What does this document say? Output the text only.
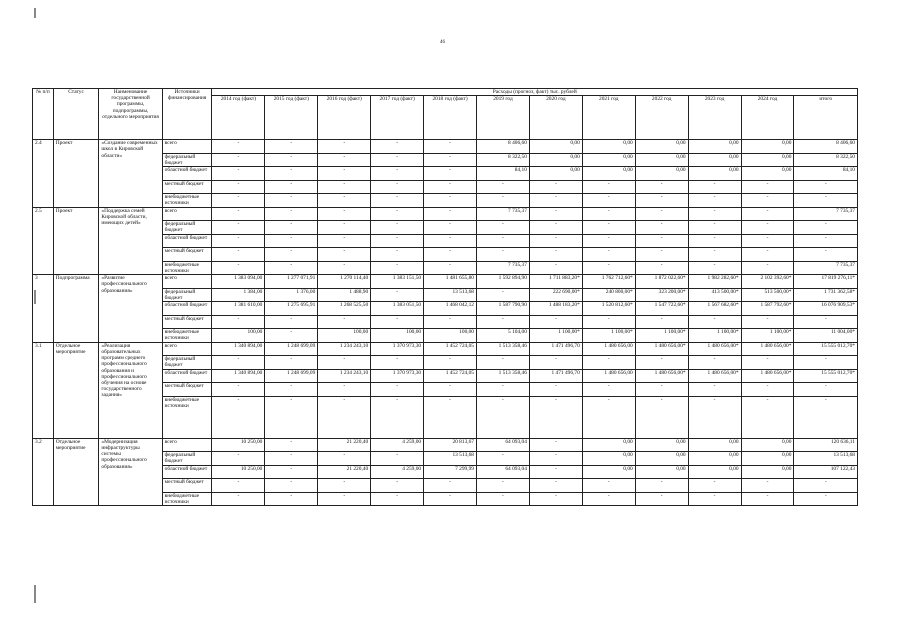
46
№ п/п	Статус	Наименование государственной программы, подпрограммы, отдельного мероприятия	Источники финансирования	Расходы (прогноз, факт) тыс. рублей											
				2014 год (факт)	2015 год (факт)	2016 год (факт)	2017 год (факт)	2018 год (факт)	2019 год	2020 год	2021 год	2022 год	2023 год	2024 год	итого
2.4	Проект	«Создание современных школ в Кировской области»	всего	-	-	-	-	-	8 406,60	0,00	0,00	0,00	0,00	0,00	8 406,60
			федеральный бюджет	-	-	-	-	-	8 322,50	0,00	0,00	0,00	0,00	0,00	8 322,50
			областной бюджет	-	-	-	-	-	84,10	0,00	0,00	0,00	0,00	0,00	84,10
			местный бюджет	-	-	-	-	-	-	-	-	-	-	-	-
			внебюджетные источники	-	-	-	-	-	-	-	-	-	-	-	-
2.5	Проект	«Поддержка семей Кировской области, имеющих детей»	всего	-	-	-	-	-	7 735,37	-	-	-	-	-	7 735,37
			федеральный бюджет	-	-	-	-	-	-	-	-	-	-	-	-
			областной бюджет	-	-	-	-	-	-	-	-	-	-	-	-
			местный бюджет	-	-	-	-	-	-	-	-	-	-	-	-
			внебюджетные источники	-	-	-	-	-	7 735,37	-	-	-	-	-	7 735,37
3	Подпрограмма	«Развитие профессионального образования»	всего	1 383 094,00	1 277 071,91	1 270 114,40	1 383 151,50	1 481 655,80	1 592 894,90	1 711 883,20*	1 762 712,60*	1 872 022,60*	1 982 282,60*	2 102 392,60*	17 819 276,11*
			федеральный бюджет	1 384,00	1 376,00	1 488,90	-	13 513,68	-	222 690,00*	240 800,00*	323 200,00*	413 500,00*	513 500,00*	1 731 362,58*
			областной бюджет	1 381 610,00	1 275 695,91	1 268 525,50	1 383 051,50	1 468 042,12	1 587 790,90	1 488 183,20*	1 520 812,60*	1 547 722,60*	1 567 682,60*	1 587 792,60*	16 076 909,53*
			местный бюджет	-	-	-	-	-	-	-	-	-	-	-	-
			внебюджетные источники	100,00	-	100,00	100,00	100,00	5 104,00	1 100,00*	1 100,00*	1 100,00*	1 100,00*	1 100,00*	11 004,00*
3.1	Отдельное мероприятие	«Реализация образовательных программ среднего профессионального образования и профессионального обучения на основе государственного задания»	всего	1 340 894,00	1 248 699,09	1 234 243,10	1 370 973,30	1 452 724,05	1 513 358,46	1 471 496,70	1 480 656,00	1 480 656,00*	1 480 656,00*	1 480 656,00*	15 555 012,70*
			федеральный бюджет	-	-	-	-	-	-	-	-	-	-	-	-
			областной бюджет	1 340 894,00	1 248 699,09	1 234 243,10	1 370 973,30	1 452 724,05	1 513 358,46	1 471 496,70	1 480 656,00	1 480 656,00*	1 480 656,00*	1 480 656,00*	15 555 012,70*
			местный бюджет	-	-	-	-	-	-	-	-	-	-	-	-
			внебюджетные источники	-	-	-	-	-	-	-	-	-	-	-	-
3.2	Отдельное мероприятие	«Модернизация инфраструктуры системы профессионального образования»	всего	10 250,00	-	21 220,40	4 259,00	20 813,67	64 093,04	-	0,00	0,00	0,00	0,00	120 636,11
			федеральный бюджет	-	-	-	-	13 513,68	-	-	0,00	0,00	0,00	0,00	13 513,68
			областной бюджет	10 250,00	-	21 220,40	4 259,00	7 299,99	64 093,04	-	0,00	0,00	0,00	0,00	107 122,43
			местный бюджет	-	-	-	-	-	-	-	-	-	-	-	-
			внебюджетные источники	-	-	-	-	-	-	-	-	-	-	-	-
